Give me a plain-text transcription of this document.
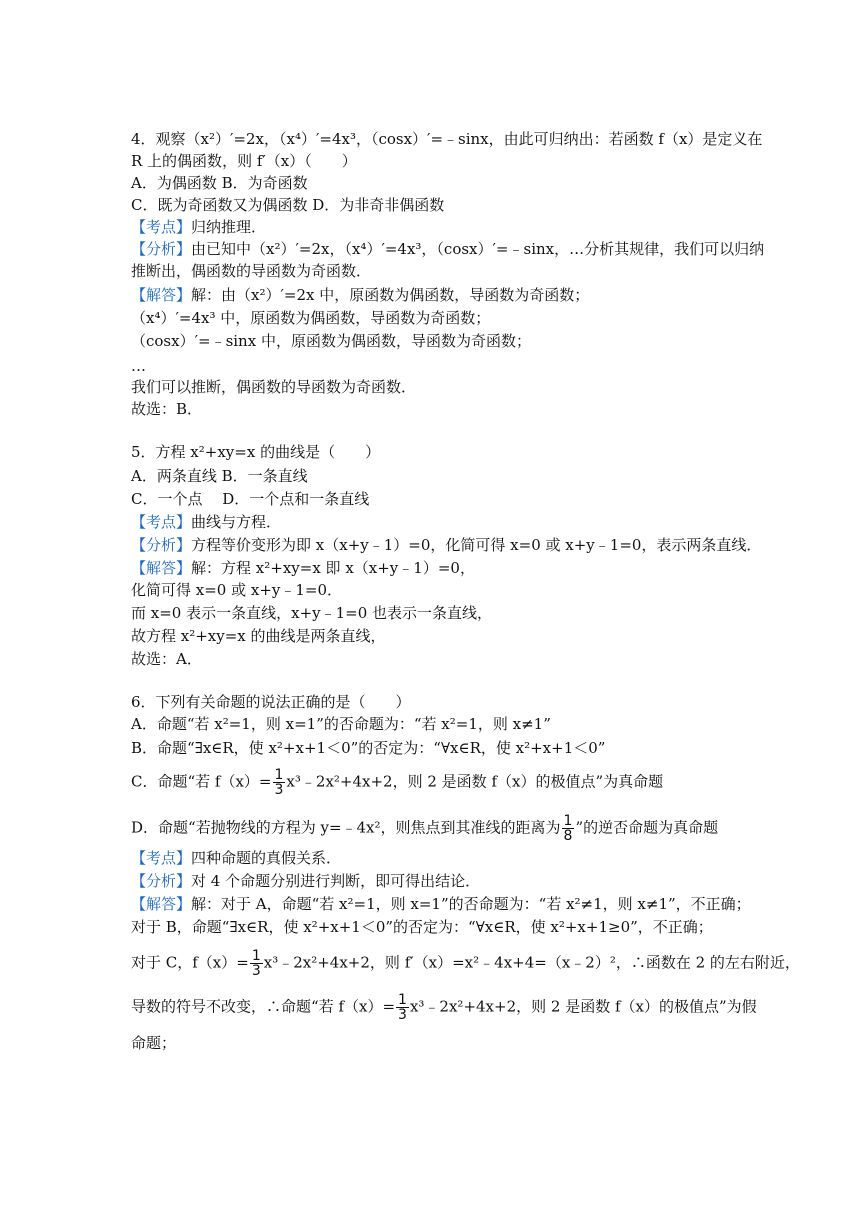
4．观察（x²）′=2x，（x⁴）′=4x³，（cosx）′=﹣sinx，由此可归纳出：若函数 f（x）是定义在
R 上的偶函数，则 f′（x）（　　）
A．为偶函数 B．为奇函数
C．既为奇函数又为偶函数 D．为非奇非偶函数
【考点】归纳推理．
【分析】由已知中（x²）′=2x，（x⁴）′=4x³，（cosx）′=﹣sinx，…分析其规律，我们可以归纳
推断出，偶函数的导函数为奇函数．
【解答】解：由（x²）′=2x 中，原函数为偶函数，导函数为奇函数；
（x⁴）′=4x³ 中，原函数为偶函数，导函数为奇函数；
（cosx）′=﹣sinx 中，原函数为偶函数，导函数为奇函数；
…
我们可以推断，偶函数的导函数为奇函数．
故选：B．
5．方程 x²+xy=x 的曲线是（　　）
A．两条直线 B．一条直线
C．一个点　 D．一个点和一条直线
【考点】曲线与方程．
【分析】方程等价变形为即 x（x+y﹣1）=0，化简可得 x=0 或 x+y﹣1=0，表示两条直线．
【解答】解：方程 x²+xy=x 即 x（x+y﹣1）=0，
化简可得 x=0 或 x+y﹣1=0．
而 x=0 表示一条直线，x+y﹣1=0 也表示一条直线，
故方程 x²+xy=x 的曲线是两条直线，
故选：A．
6．下列有关命题的说法正确的是（　　）
A．命题“若 x²=1，则 x=1”的否命题为：“若 x²=1，则 x≠1”
B．命题“∃x∈R，使 x²+x+1＜0”的否定为：“∀x∈R，使 x²+x+1＜0”
C．命题“若 $f(x)= \frac{1}{3}$ x³﹣2x²+4x+2，则 2 是函数 f（x）的极值点”为真命题
D．命题“若抛物线的方程为 y=﹣4x²，则焦点到其准线的距离为 $\frac{1}{8}$ ”的逆否命题为真命题
【考点】四种命题的真假关系．
【分析】对 4 个命题分别进行判断，即可得出结论．
【解答】解：对于 A，命题“若 x²=1，则 x=1”的否命题为：“若 x²≠1，则 x≠1”，不正确；
对于 B，命题“∃x∈R，使 x²+x+1＜0”的否定为：“∀x∈R，使 x²+x+1≥0”，不正确；
对于 C，$f(x)= \frac{1}{3}$ x³﹣2x²+4x+2，则 f′（x）=x²﹣4x+4=（x﹣2）²，∴函数在 2 的左右附近，
导数的符号不改变，∴命题“若 $f(x)= \frac{1}{3}$ x³﹣2x²+4x+2，则 2 是函数 f（x）的极值点”为假
命题；
